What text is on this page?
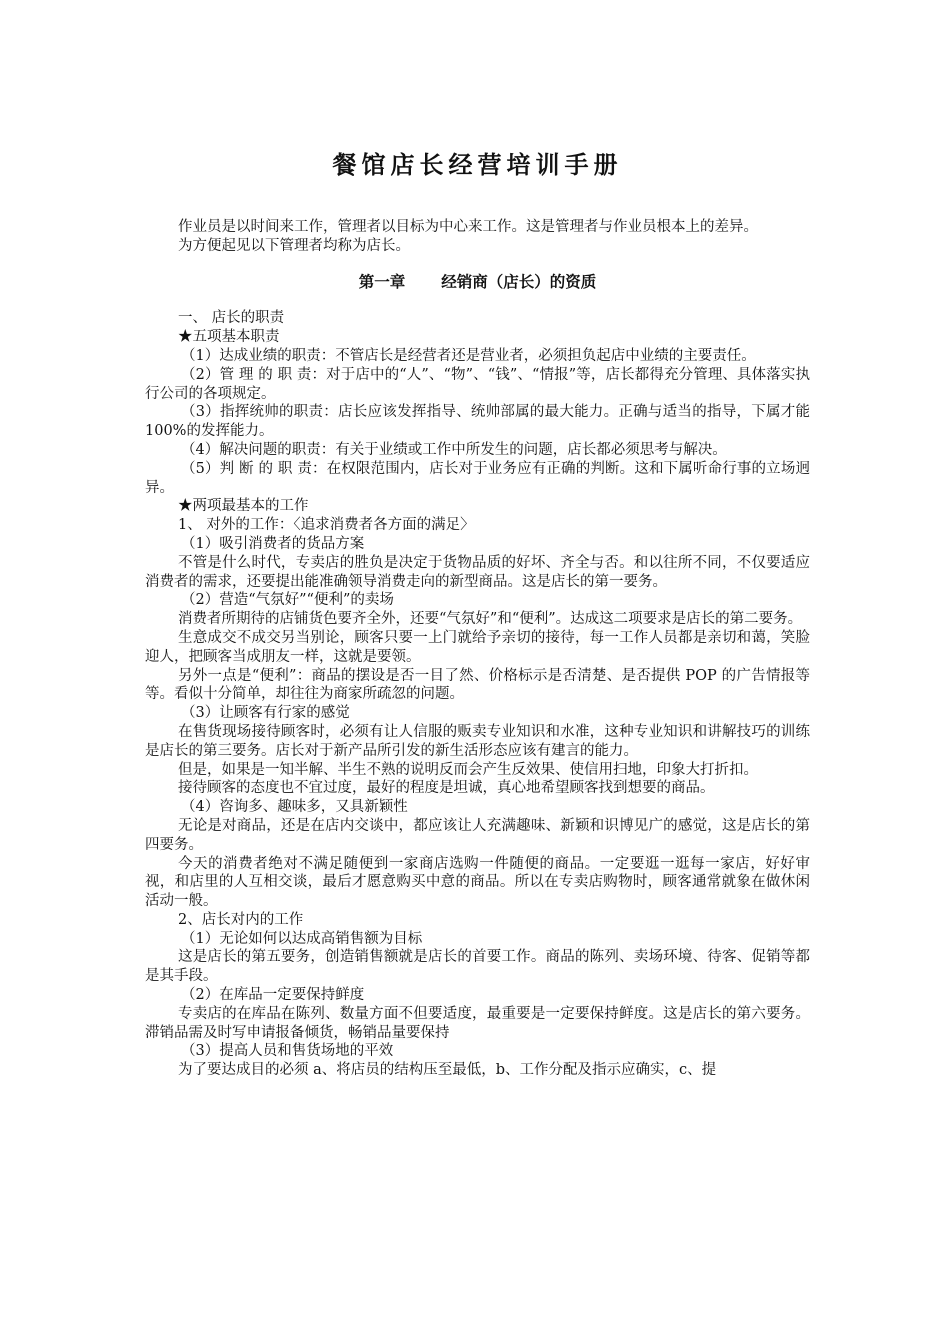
餐馆店长经营培训手册

作业员是以时间来工作，管理者以目标为中心来工作。这是管理者与作业员根本上的差异。

为方便起见以下管理者均称为店长。

第一章 经销商（店长）的资质

一、 店长的职责

★五项基本职责

（1）达成业绩的职责：不管店长是经营者还是营业者，必须担负起店中业绩的主要责任。

（2）管 理 的 职 责：对于店中的“人”、“物”、“钱”、“情报”等，店长都得充分管理、具体落实执行公司的各项规定。

（3）指挥统帅的职责：店长应该发挥指导、统帅部属的最大能力。正确与适当的指导，下属才能 100%的发挥能力。

（4）解决问题的职责：有关于业绩或工作中所发生的问题，店长都必须思考与解决。

（5）判 断 的 职 责：在权限范围内，店长对于业务应有正确的判断。这和下属听命行事的立场迥异。

★两项最基本的工作

1、 对外的工作：〈追求消费者各方面的满足〉

（1）吸引消费者的货品方案

不管是什么时代，专卖店的胜负是决定于货物品质的好坏、齐全与否。和以往所不同，不仅要适应消费者的需求，还要提出能准确领导消费走向的新型商品。这是店长的第一要务。

（2）营造“气氛好”“便利”的卖场

消费者所期待的店铺货色要齐全外，还要“气氛好”和“便利”。达成这二项要求是店长的第二要务。

生意成交不成交另当别论，顾客只要一上门就给予亲切的接待，每一工作人员都是亲切和蔼，笑脸迎人，把顾客当成朋友一样，这就是要领。

另外一点是“便利”：商品的摆设是否一目了然、价格标示是否清楚、是否提供 POP 的广告情报等等。看似十分简单，却往往为商家所疏忽的问题。

（3）让顾客有行家的感觉

在售货现场接待顾客时，必须有让人信服的贩卖专业知识和水准，这种专业知识和讲解技巧的训练是店长的第三要务。店长对于新产品所引发的新生活形态应该有建言的能力。

但是，如果是一知半解、半生不熟的说明反而会产生反效果、使信用扫地，印象大打折扣。

接待顾客的态度也不宜过度，最好的程度是坦诚，真心地希望顾客找到想要的商品。

（4）咨询多、趣味多，又具新颖性

无论是对商品，还是在店内交谈中，都应该让人充满趣味、新颖和识博见广的感觉，这是店长的第四要务。

今天的消费者绝对不满足随便到一家商店选购一件随便的商品。一定要逛一逛每一家店，好好审视，和店里的人互相交谈，最后才愿意购买中意的商品。所以在专卖店购物时，顾客通常就象在做休闲活动一般。

2、店长对内的工作

（1）无论如何以达成高销售额为目标

这是店长的第五要务，创造销售额就是店长的首要工作。商品的陈列、卖场环境、待客、促销等都是其手段。

（2）在库品一定要保持鲜度

专卖店的在库品在陈列、数量方面不但要适度，最重要是一定要保持鲜度。这是店长的第六要务。滞销品需及时写申请报备倾货，畅销品量要保持

（3）提高人员和售货场地的平效

为了要达成目的必须 a、将店员的结构压至最低，b、工作分配及指示应确实，c、提
